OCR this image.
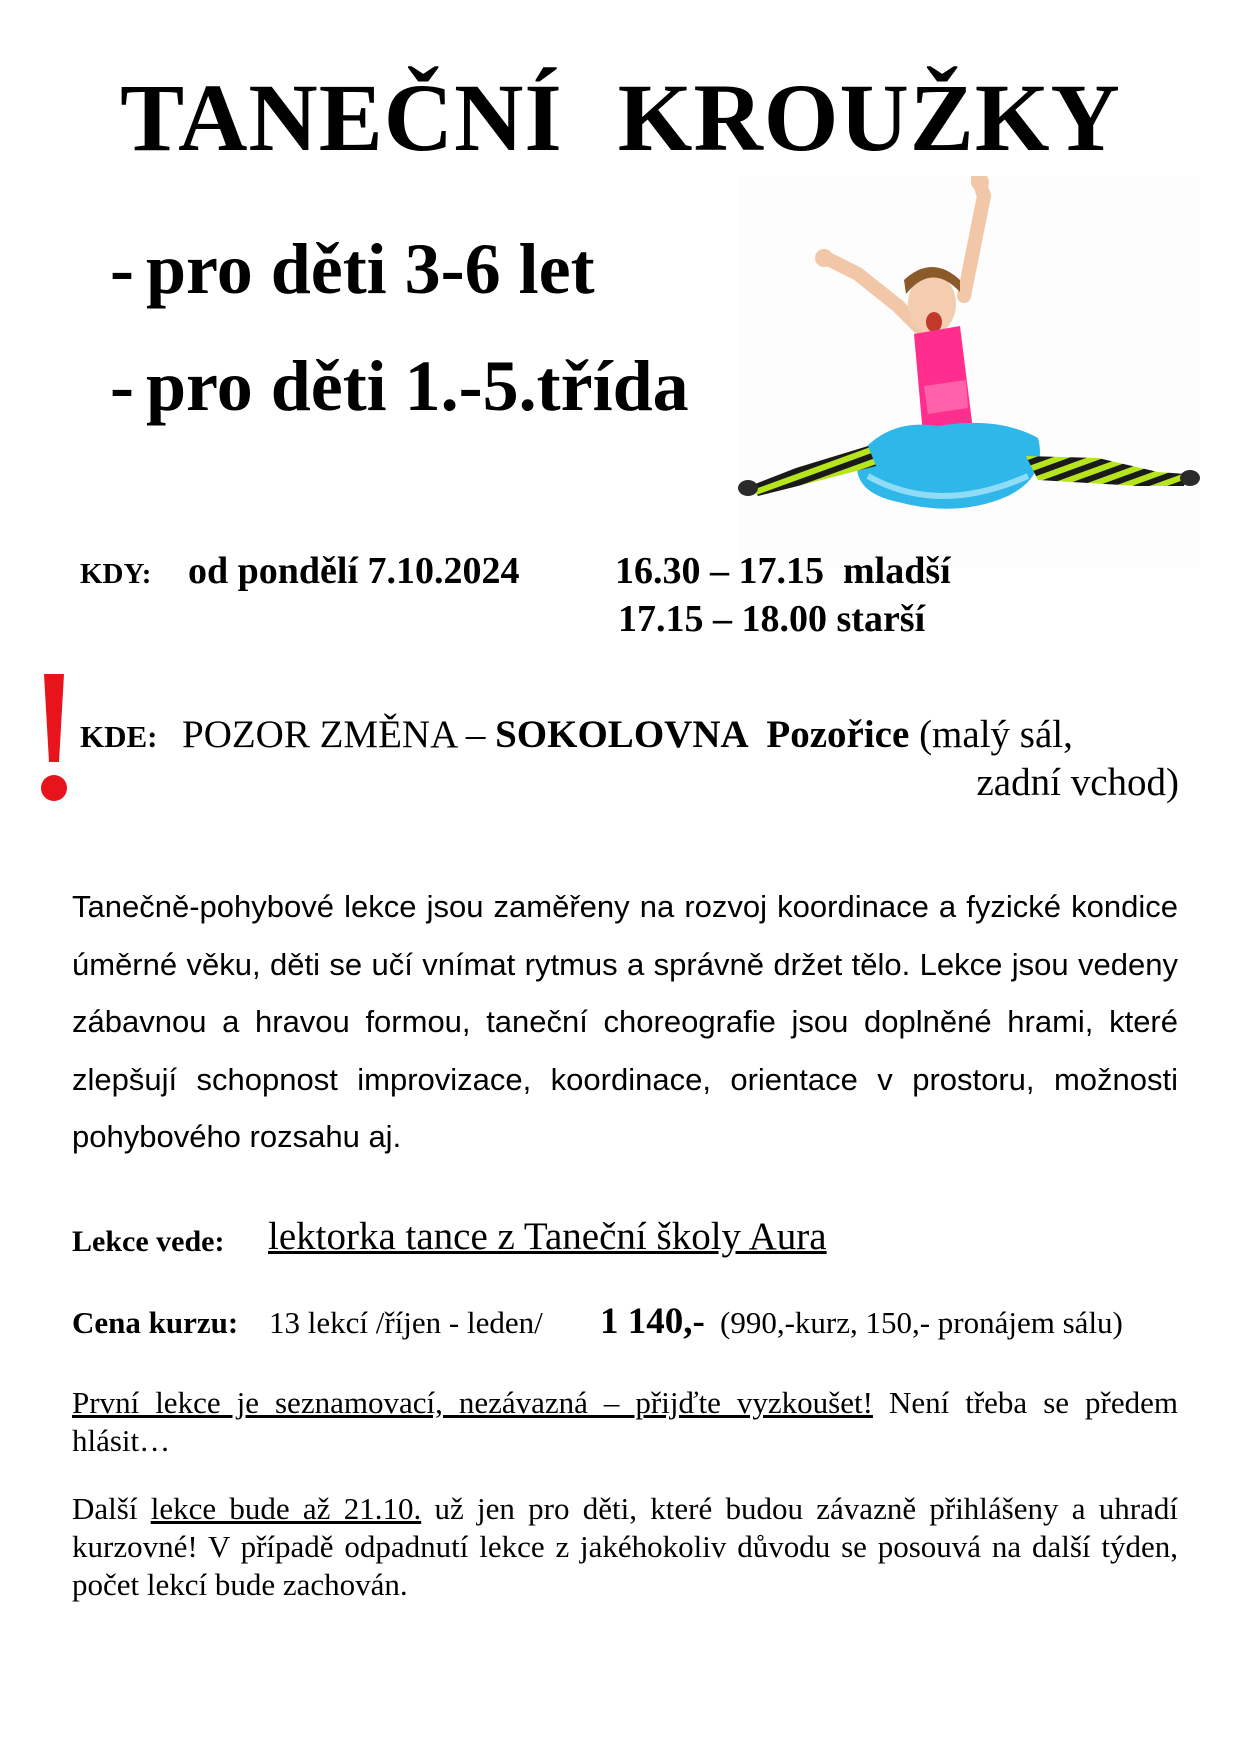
TANEČNÍ KROUŽKY
- pro děti 3-6 let
- pro děti 1.-5.třída
KDY: od pondělí 7.10.2024	16.30 – 17.15  mladší
17.15 – 18.00 starší
KDE: POZOR ZMĚNA – SOKOLOVNA Pozořice (malý sál,
zadní vchod)

Tanečně-pohybové lekce jsou zaměřeny na rozvoj koordinace a fyzické kondice úměrné věku, děti se učí vnímat rytmus a správně držet tělo. Lekce jsou vedeny zábavnou a hravou formou, taneční choreografie jsou doplněné hrami, které zlepšují schopnost improvizace, koordinace, orientace v prostoru, možnosti pohybového rozsahu aj.

Lekce vede: lektorka tance z Taneční školy Aura
Cena kurzu: 13 lekcí /říjen - leden/ 1 140,- (990,-kurz, 150,- pronájem sálu)

První lekce je seznamovací, nezávazná – přijďte vyzkoušet! Není třeba se předem hlásit…

Další lekce bude až 21.10. už jen pro děti, které budou závazně přihlášeny a uhradí kurzovné! V případě odpadnutí lekce z jakéhokoliv důvodu se posouvá na další týden, počet lekcí bude zachován.
